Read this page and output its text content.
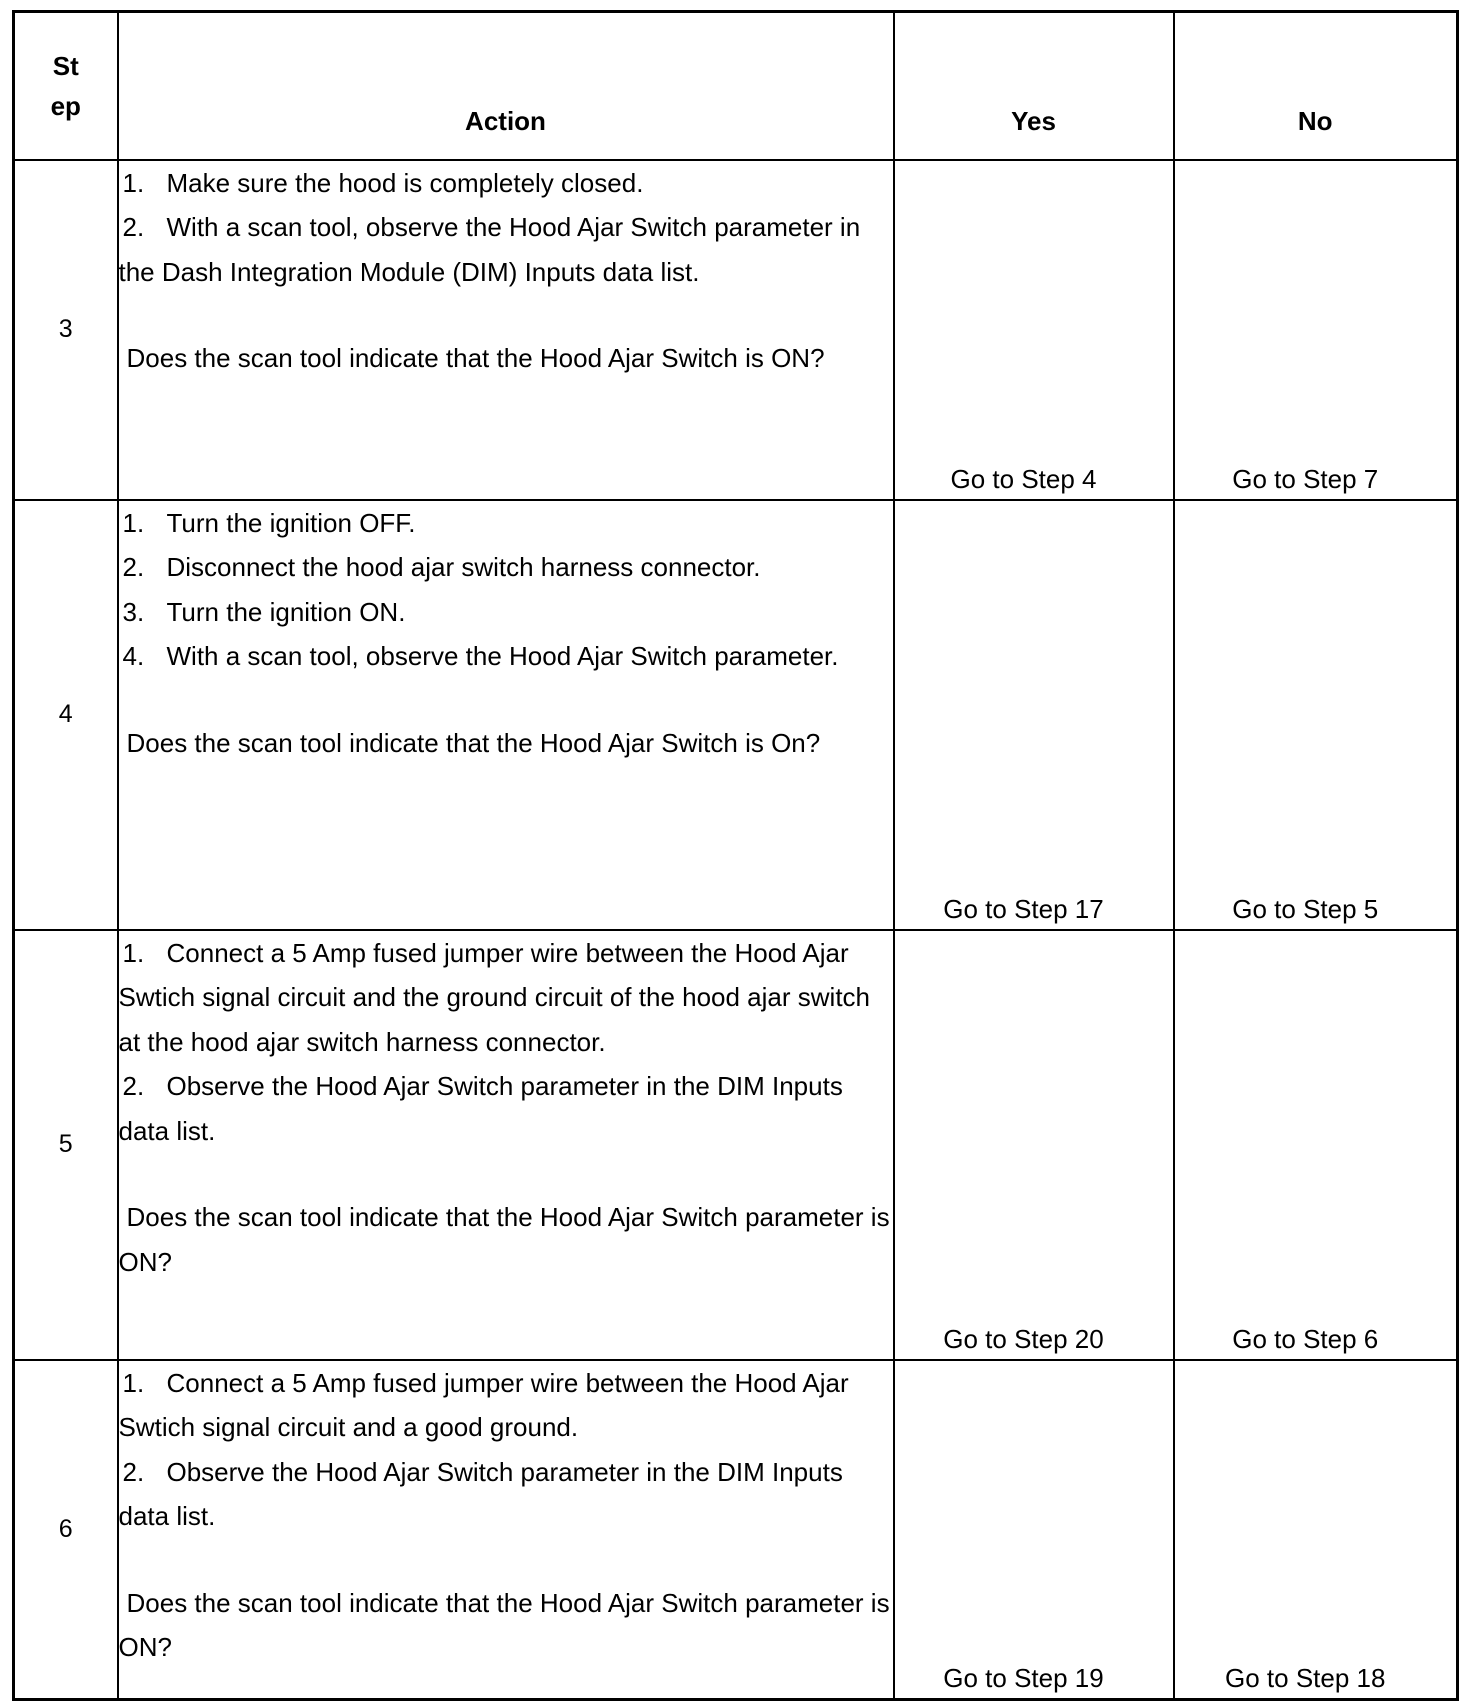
St
ep	Action	Yes	No
3	1. Make sure the hood is completely closed.
2. With a scan tool, observe the Hood Ajar Switch parameter in the Dash Integration Module (DIM) Inputs data list.
Does the scan tool indicate that the Hood Ajar Switch is ON?	Go to Step 4	Go to Step 7
4	1. Turn the ignition OFF.
2. Disconnect the hood ajar switch harness connector.
3. Turn the ignition ON.
4. With a scan tool, observe the Hood Ajar Switch parameter.
Does the scan tool indicate that the Hood Ajar Switch is On?	Go to Step 17	Go to Step 5
5	1. Connect a 5 Amp fused jumper wire between the Hood Ajar Swtich signal circuit and the ground circuit of the hood ajar switch at the hood ajar switch harness connector.
2. Observe the Hood Ajar Switch parameter in the DIM Inputs data list.
Does the scan tool indicate that the Hood Ajar Switch parameter is ON?	Go to Step 20	Go to Step 6
6	1. Connect a 5 Amp fused jumper wire between the Hood Ajar Swtich signal circuit and a good ground.
2. Observe the Hood Ajar Switch parameter in the DIM Inputs data list.
Does the scan tool indicate that the Hood Ajar Switch parameter is ON?	Go to Step 19	Go to Step 18
